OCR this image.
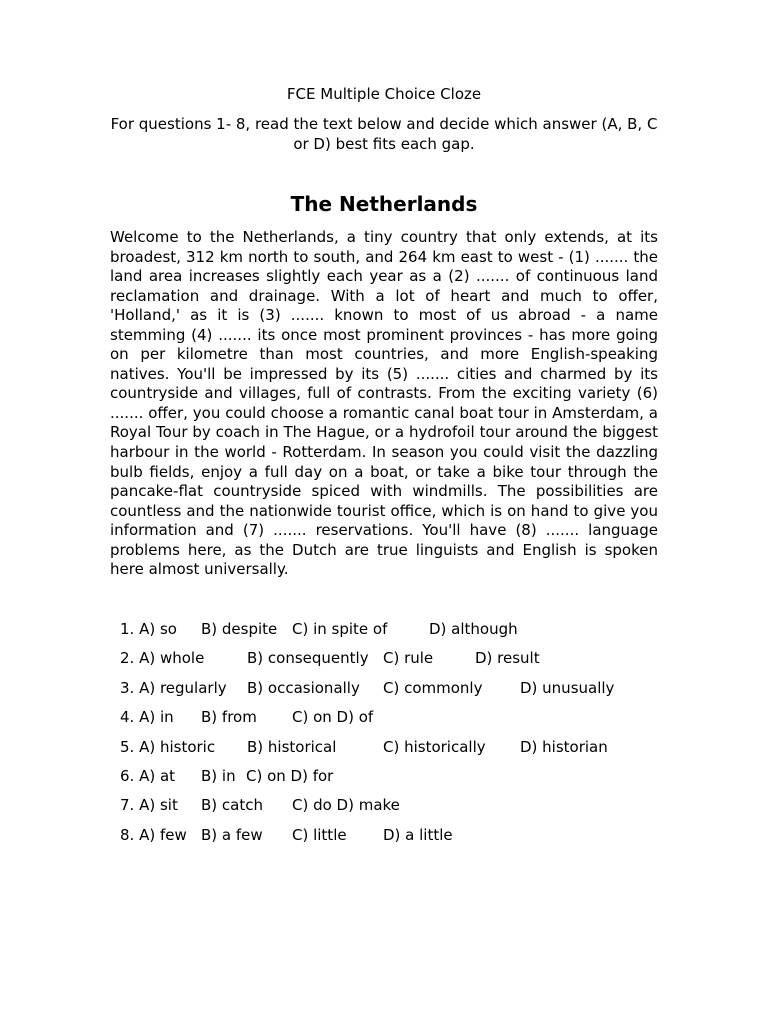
FCE Multiple Choice Cloze
For questions 1- 8, read the text below and decide which answer (A, B, C or D) best fits each gap.
The Netherlands

Welcome to the Netherlands, a tiny country that only extends, at its broadest, 312 km north to south, and 264 km east to west - (1) ....... the land area increases slightly each year as a (2) ....... of continuous land reclamation and drainage. With a lot of heart and much to offer, 'Holland,' as it is (3) ....... known to most of us abroad - a name stemming (4) ....... its once most prominent provinces - has more going on per kilometre than most countries, and more English-speaking natives. You'll be impressed by its (5) ....... cities and charmed by its countryside and villages, full of contrasts. From the exciting variety (6) ....... offer, you could choose a romantic canal boat tour in Amsterdam, a Royal Tour by coach in The Hague, or a hydrofoil tour around the biggest harbour in the world - Rotterdam. In season you could visit the dazzling bulb fields, enjoy a full day on a boat, or take a bike tour through the pancake-flat countryside spiced with windmills. The possibilities are countless and the nationwide tourist office, which is on hand to give you information and (7) ....... reservations. You'll have (8) ....... language problems here, as the Dutch are true linguists and English is spoken here almost universally.

1. A) so B) despite C) in spite of	D) although
2. A) whole	B) consequently C) rule	D) result
3. A) regularly B) occasionally C) commonly	D) unusually
4. A) in B) from C) on D) of
5. A) historic B) historical	C) historically D) historian
6. A) at B) in C) on D) for
7. A) sit B) catch C) do D) make
8. A) few B) a few C) little D) a little
